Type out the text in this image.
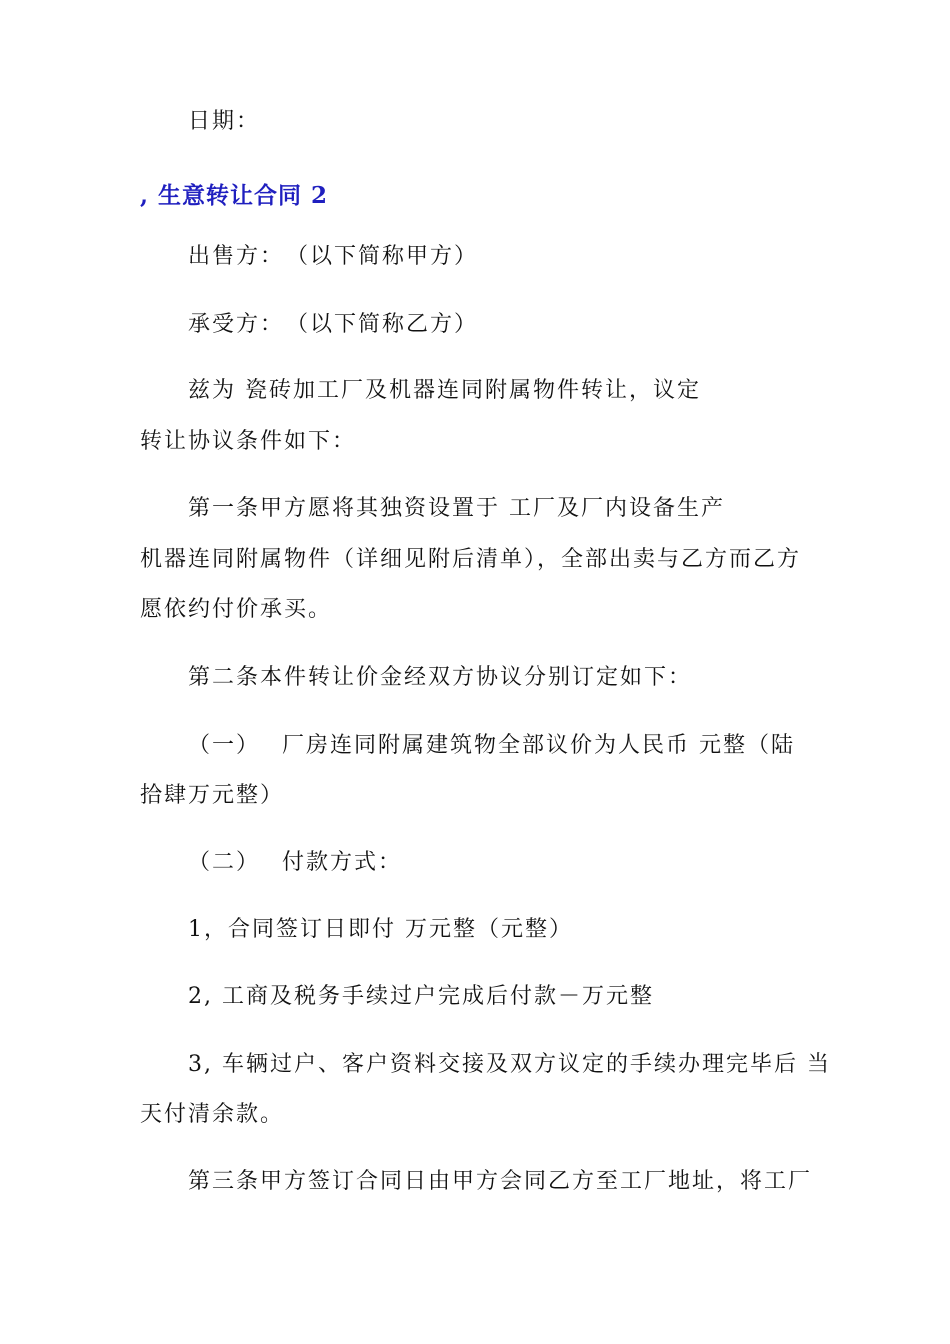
日期：
, 生意转让合同 2
出售方：　（以下简称甲方）
承受方：　（以下简称乙方）
兹为 瓷砖加工厂及机器连同附属物件转让，议定
转让协议条件如下：
第一条甲方愿将其独资设置于 工厂及厂内设备生产
机器连同附属物件（详细见附后清单），全部出卖与乙方而乙方
愿依约付价承买。
第二条本件转让价金经双方协议分别订定如下：
（一）　 厂房连同附属建筑物全部议价为人民币 元整（陆
拾肆万元整）
（二）　 付款方式：
1，合同签订日即付 万元整（元整）
2, 工商及税务手续过户完成后付款－万元整
3, 车辆过户、客户资料交接及双方议定的手续办理完毕后 当
天付清余款。
第三条甲方签订合同日由甲方会同乙方至工厂地址，将工厂
